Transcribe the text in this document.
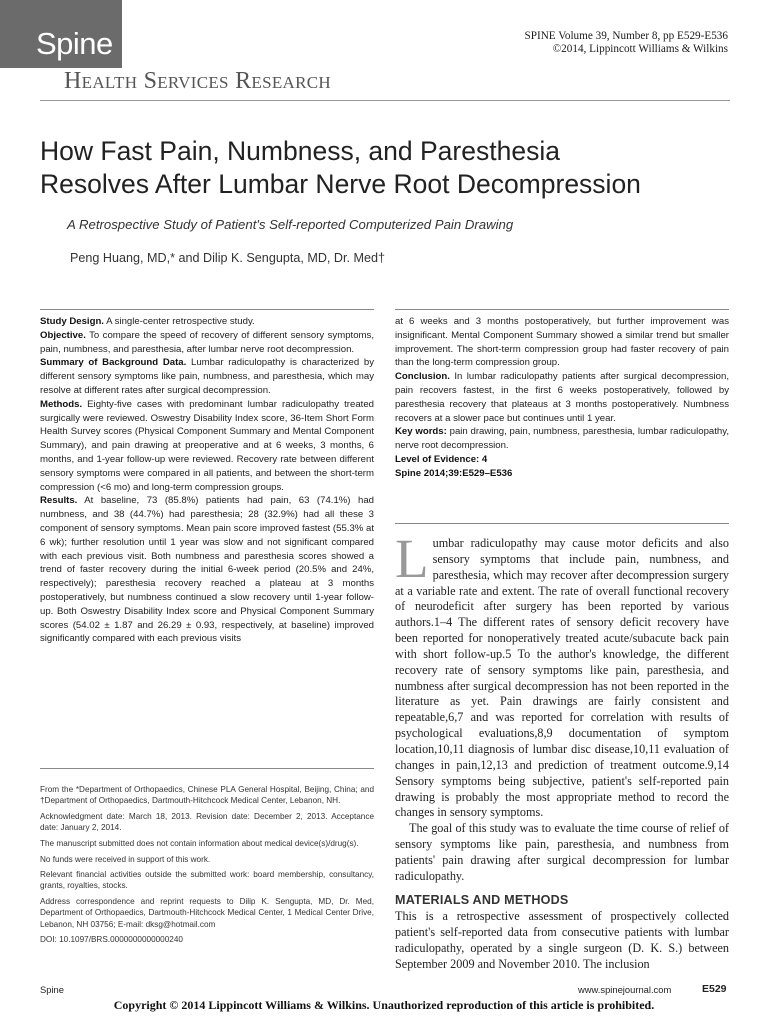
Spine	SPINE Volume 39, Number 8, pp E529-E536
©2014, Lippincott Williams & Wilkins
Health Services Research
How Fast Pain, Numbness, and Paresthesia
Resolves After Lumbar Nerve Root Decompression
A Retrospective Study of Patient's Self-reported Computerized Pain Drawing
Peng Huang, MD,* and Dilip K. Sengupta, MD, Dr. Med†

Study Design. A single-center retrospective study.

Objective. To compare the speed of recovery of different sensory symptoms, pain, numbness, and paresthesia, after lumbar nerve root decompression.

Summary of Background Data. Lumbar radiculopathy is characterized by different sensory symptoms like pain, numbness, and paresthesia, which may resolve at different rates after surgical decompression.

Methods. Eighty-five cases with predominant lumbar radiculopathy treated surgically were reviewed. Oswestry Disability Index score, 36-Item Short Form Health Survey scores (Physical Component Summary and Mental Component Summary), and pain drawing at preoperative and at 6 weeks, 3 months, 6 months, and 1-year follow-up were reviewed. Recovery rate between different sensory symptoms were compared in all patients, and between the short-term compression (<6 mo) and long-term compression groups.

Results. At baseline, 73 (85.8%) patients had pain, 63 (74.1%) had numbness, and 38 (44.7%) had paresthesia; 28 (32.9%) had all these 3 component of sensory symptoms. Mean pain score improved fastest (55.3% at 6 wk); further resolution until 1 year was slow and not significant compared with each previous visit. Both numbness and paresthesia scores showed a trend of faster recovery during the initial 6-week period (20.5% and 24%, respectively); paresthesia recovery reached a plateau at 3 months postoperatively, but numbness continued a slow recovery until 1-year follow-up. Both Oswestry Disability Index score and Physical Component Summary scores (54.02 ± 1.87 and 26.29 ± 0.93, respectively, at baseline) improved significantly compared with each previous visits

at 6 weeks and 3 months postoperatively, but further improvement was insignificant. Mental Component Summary showed a similar trend but smaller improvement. The short-term compression group had faster recovery of pain than the long-term compression group.

Conclusion. In lumbar radiculopathy patients after surgical decompression, pain recovers fastest, in the first 6 weeks postoperatively, followed by paresthesia recovery that plateaus at 3 months postoperatively. Numbness recovers at a slower pace but continues until 1 year.

Key words: pain drawing, pain, numbness, paresthesia, lumbar radiculopathy, nerve root decompression.

Level of Evidence: 4

Spine 2014;39:E529–E536

From the *Department of Orthopaedics, Chinese PLA General Hospital, Beijing, China; and †Department of Orthopaedics, Dartmouth-Hitchcock Medical Center, Lebanon, NH.

Acknowledgment date: March 18, 2013. Revision date: December 2, 2013. Acceptance date: January 2, 2014.

The manuscript submitted does not contain information about medical device(s)/drug(s).

No funds were received in support of this work.

Relevant financial activities outside the submitted work: board membership, consultancy, grants, royalties, stocks.

Address correspondence and reprint requests to Dilip K. Sengupta, MD, Dr. Med, Department of Orthopaedics, Dartmouth-Hitchcock Medical Center, 1 Medical Center Drive, Lebanon, NH 03756; E-mail: dksg@hotmail.com

DOI: 10.1097/BRS.0000000000000240

Lumbar radiculopathy may cause motor deficits and also sensory symptoms that include pain, numbness, and paresthesia, which may recover after decompression surgery at a variable rate and extent. The rate of overall functional recovery of neurodeficit after surgery has been reported by various authors.1–4 The different rates of sensory deficit recovery have been reported for nonoperatively treated acute/subacute back pain with short follow-up.5 To the author's knowledge, the different recovery rate of sensory symptoms like pain, paresthesia, and numbness after surgical decompression has not been reported in the literature as yet. Pain drawings are fairly consistent and repeatable,6,7 and was reported for correlation with results of psychological evaluations,8,9 documentation of symptom location,10,11 diagnosis of lumbar disc disease,10,11 evaluation of changes in pain,12,13 and prediction of treatment outcome.9,14 Sensory symptoms being subjective, patient's self-reported pain drawing is probably the most appropriate method to record the changes in sensory symptoms.

The goal of this study was to evaluate the time course of relief of sensory symptoms like pain, paresthesia, and numbness from patients' pain drawing after surgical decompression for lumbar radiculopathy.

MATERIALS AND METHODS

This is a retrospective assessment of prospectively collected patient's self-reported data from consecutive patients with lumbar radiculopathy, operated by a single surgeon (D. K. S.) between September 2009 and November 2010. The inclusion

Spine	www.spinejournal.com	E529
Copyright © 2014 Lippincott Williams & Wilkins. Unauthorized reproduction of this article is prohibited.
